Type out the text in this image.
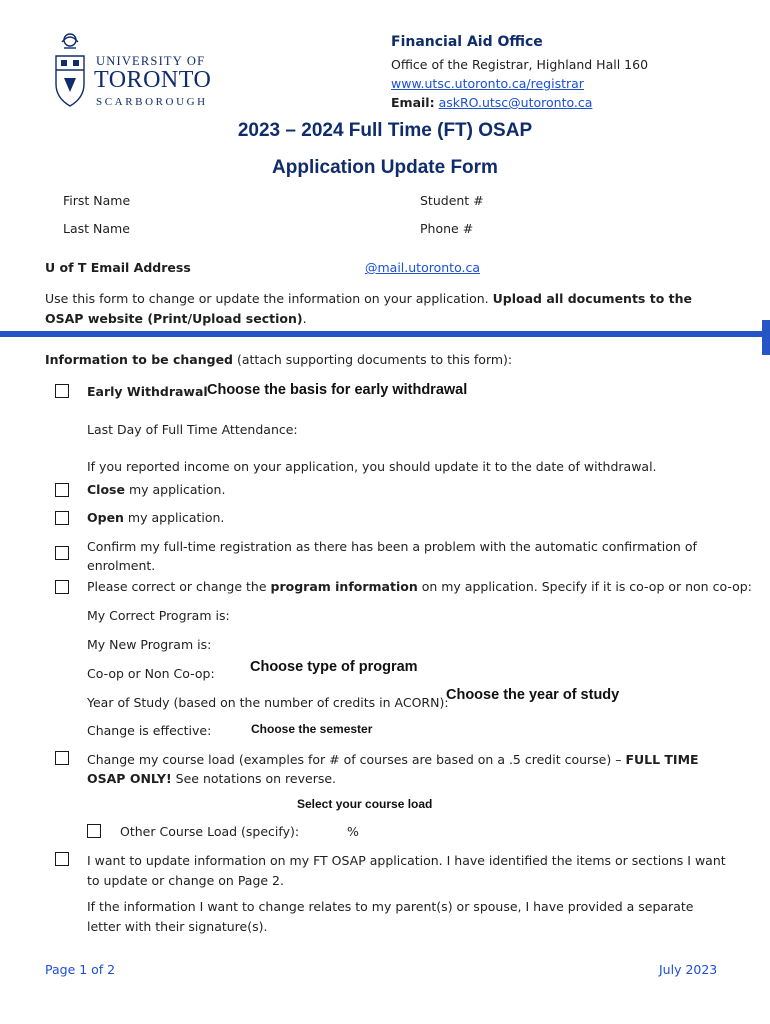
UNIVERSITY OF
TORONTO
SCARBOROUGH
Financial Aid Office
Office of the Registrar, Highland Hall 160
www.utsc.utoronto.ca/registrar
Email: askRO.utsc@utoronto.ca
2023 – 2024 Full Time (FT) OSAP
Application Update Form
First Name	Student #
Last Name	Phone #
U of T Email Address	@mail.utoronto.ca
Use this form to change or update the information on your application. Upload all documents to the OSAP website (Print/Upload section).
Information to be changed (attach supporting documents to this form):
Early Withdrawal Choose the basis for early withdrawal
Last Day of Full Time Attendance:
If you reported income on your application, you should update it to the date of withdrawal.
Close my application.
Open my application.
Confirm my full-time registration as there has been a problem with the automatic confirmation of enrolment.
Please correct or change the program information on my application. Specify if it is co-op or non co-op:
My Correct Program is:
My New Program is:
Co-op or Non Co-op: Choose type of program
Year of Study (based on the number of credits in ACORN):
Choose the year of study
Change is effective:	Choose the semester
Change my course load (examples for # of courses are based on a .5 credit course) – FULL TIME OSAP ONLY! See notations on reverse.
Select your course load
Other Course Load (specify):	%
I want to update information on my FT OSAP application. I have identified the items or sections I want to update or change on Page 2.
If the information I want to change relates to my parent(s) or spouse, I have provided a separate letter with their signature(s).
Page 1 of 2	July 2023
